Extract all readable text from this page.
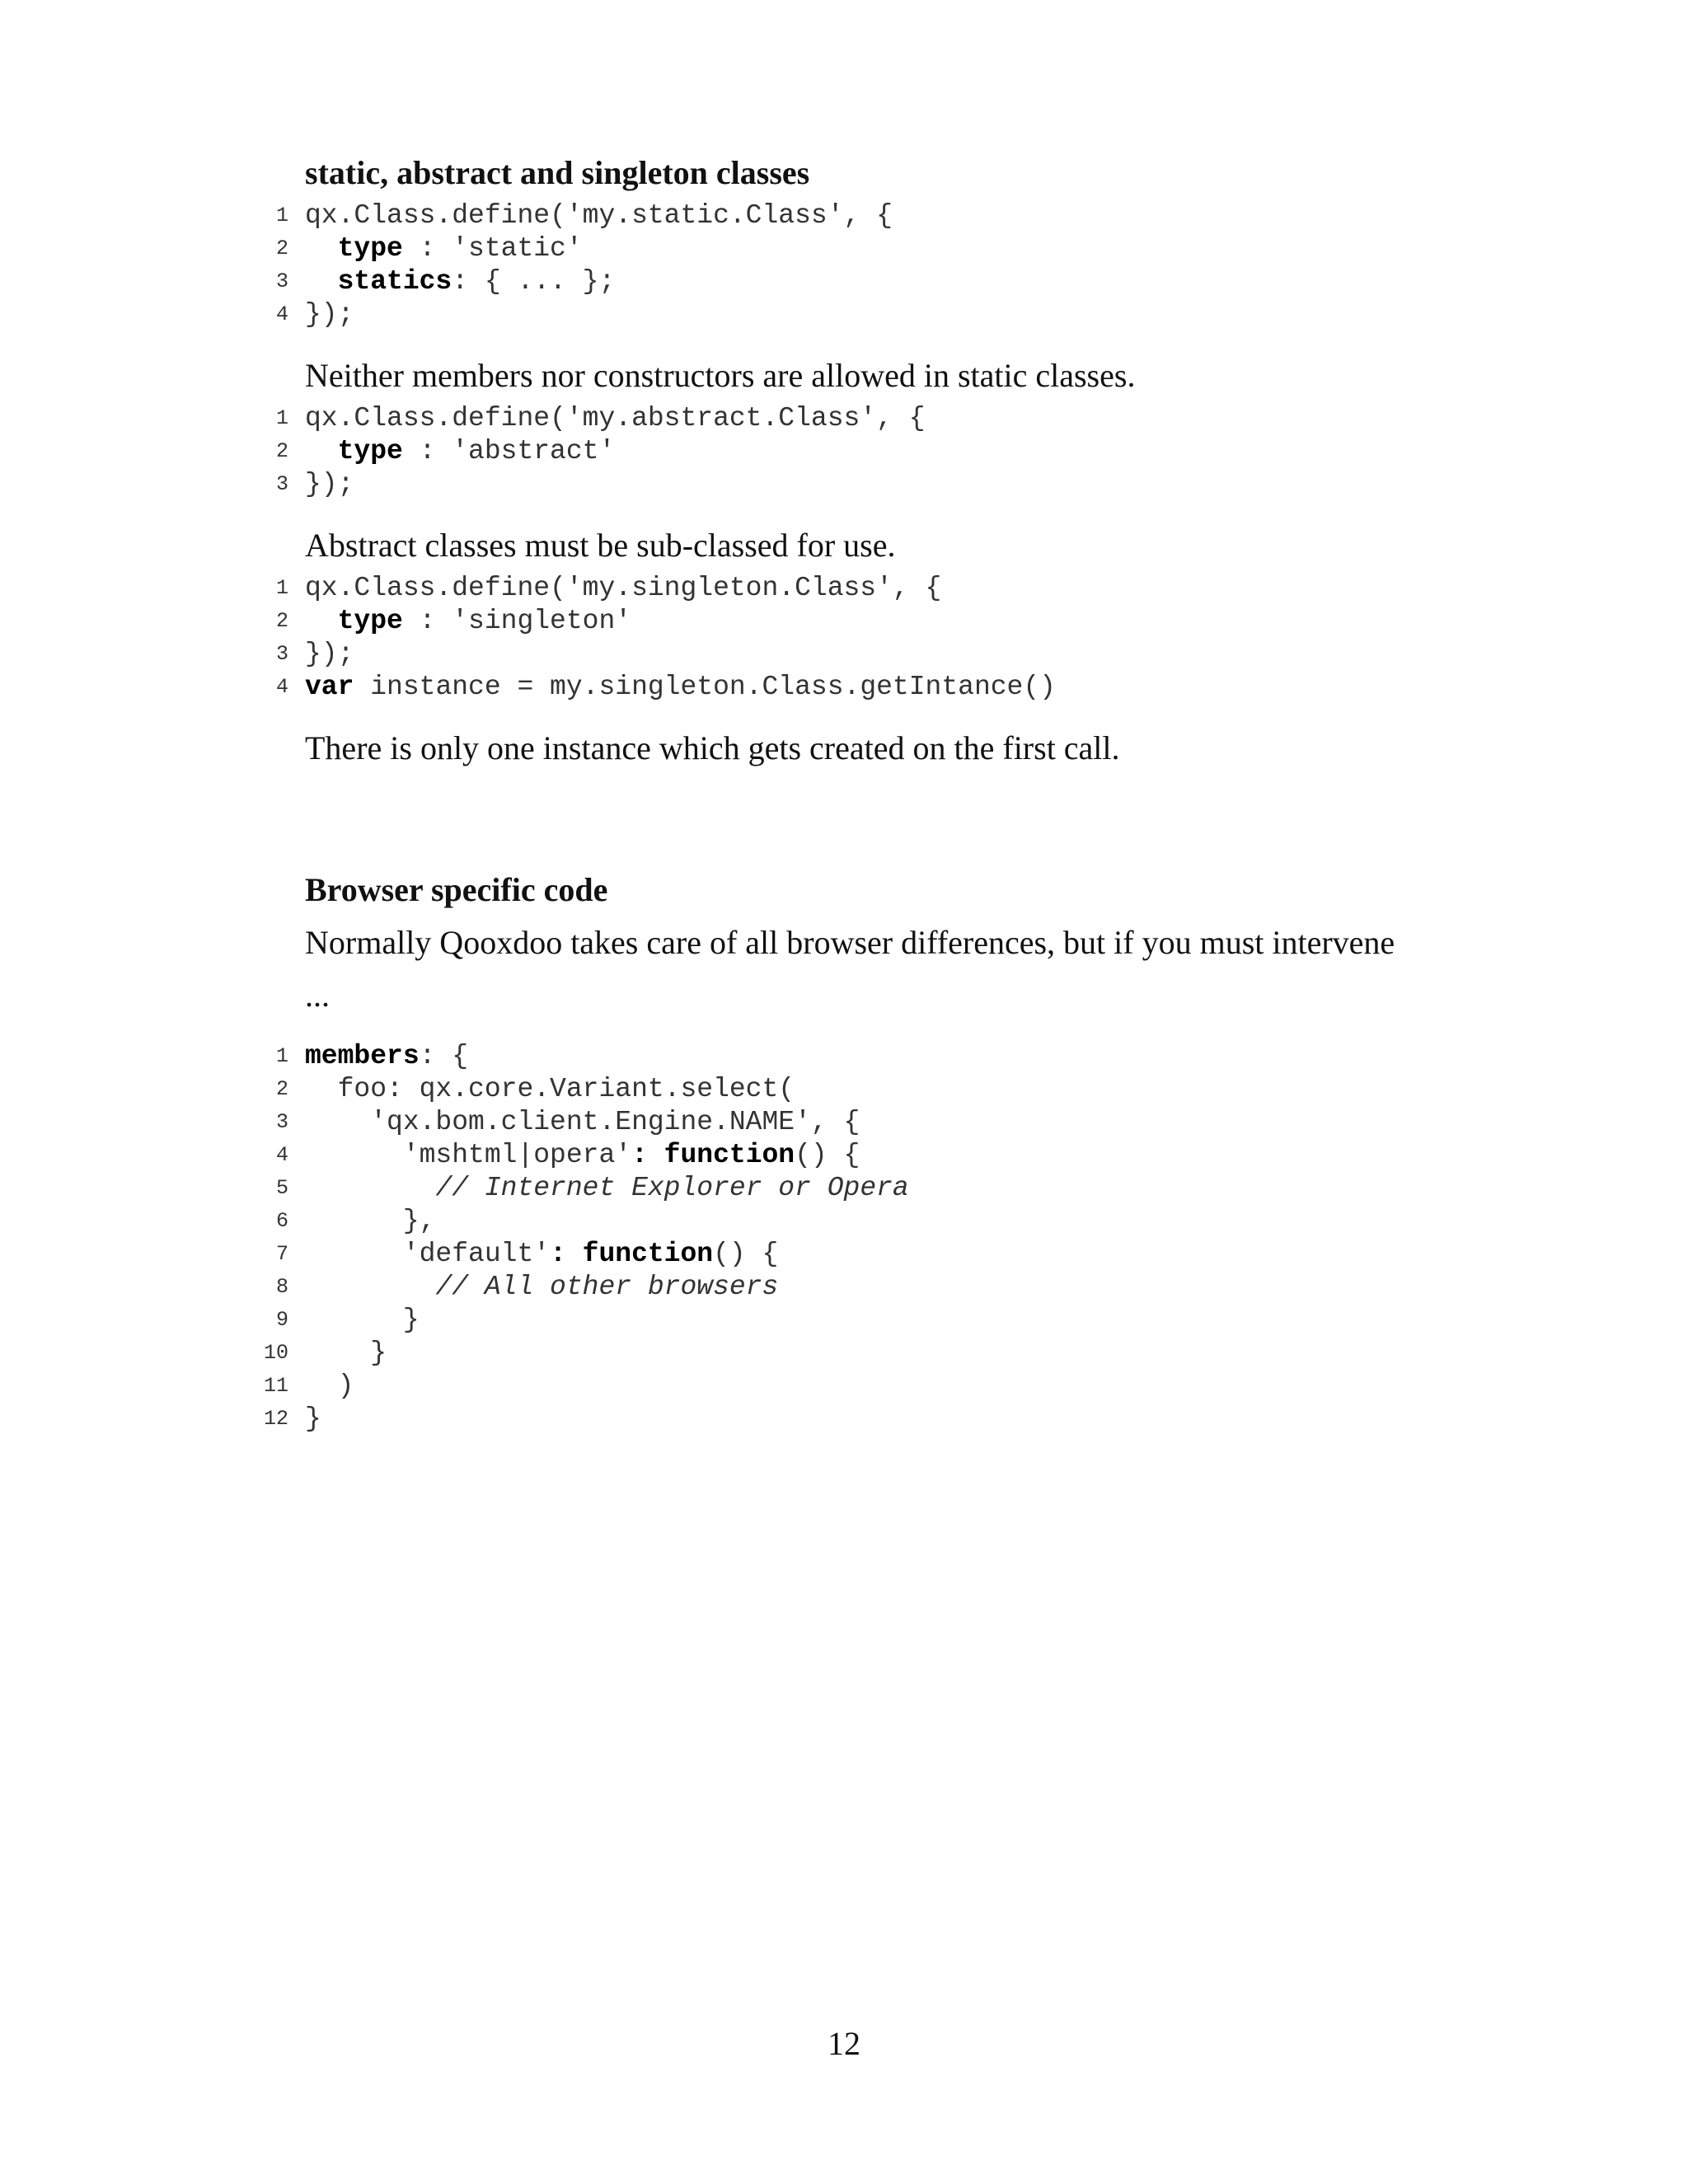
static, abstract and singleton classes
1 qx.Class.define('my.static.Class', {
2 type : 'static'
3 statics: { ... };
4 });

Neither members nor constructors are allowed in static classes.

1 qx.Class.define('my.abstract.Class', {
2 type : 'abstract'
3 });

Abstract classes must be sub-classed for use.

1 qx.Class.define('my.singleton.Class', {
2 type : 'singleton'
3 });
4 var instance = my.singleton.Class.getIntance()

There is only one instance which gets created on the first call.

Browser specific code

Normally Qooxdoo takes care of all browser differences, but if you must intervene

...

1 members: {
2 foo: qx.core.Variant.select(
3 'qx.bom.client.Engine.NAME', {
4 'mshtml|opera': function() {
5	// Internet Explorer or Opera
6 },
7 'default': function() {
8	// All other browsers
9 }
10 }
11 )
12 }
12
